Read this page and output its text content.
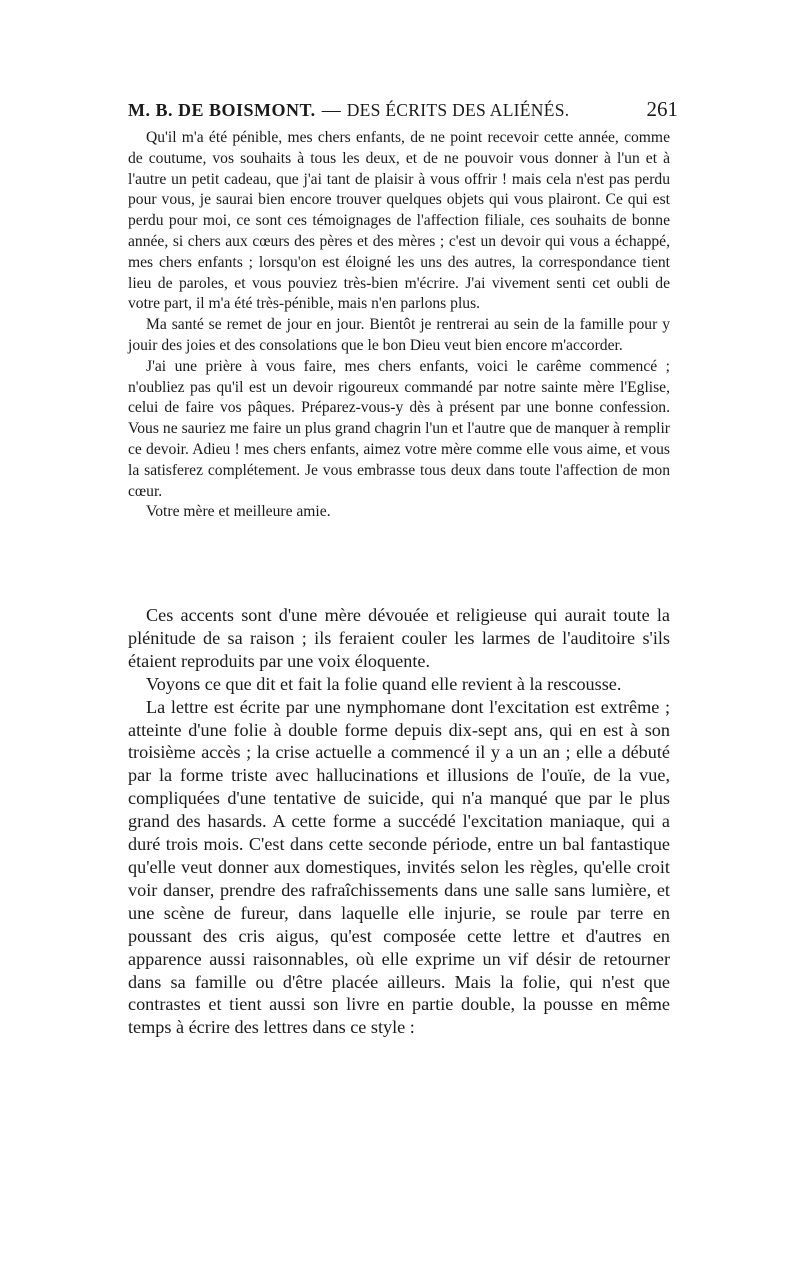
M. B. DE BOISMONT. — DES ÉCRITS DES ALIÉNÉS.	261

Qu'il m'a été pénible, mes chers enfants, de ne point recevoir cette année, comme de coutume, vos souhaits à tous les deux, et de ne pouvoir vous donner à l'un et à l'autre un petit cadeau, que j'ai tant de plaisir à vous offrir ! mais cela n'est pas perdu pour vous, je saurai bien encore trouver quelques objets qui vous plairont. Ce qui est perdu pour moi, ce sont ces témoignages de l'affection filiale, ces souhaits de bonne année, si chers aux cœurs des pères et des mères ; c'est un devoir qui vous a échappé, mes chers enfants ; lorsqu'on est éloigné les uns des autres, la correspondance tient lieu de paroles, et vous pouviez très-bien m'écrire. J'ai vivement senti cet oubli de votre part, il m'a été très-pénible, mais n'en parlons plus.

Ma santé se remet de jour en jour. Bientôt je rentrerai au sein de la famille pour y jouir des joies et des consolations que le bon Dieu veut bien encore m'accorder.

J'ai une prière à vous faire, mes chers enfants, voici le carême commencé ; n'oubliez pas qu'il est un devoir rigoureux commandé par notre sainte mère l'Eglise, celui de faire vos pâques. Préparez-vous-y dès à présent par une bonne confession. Vous ne sauriez me faire un plus grand chagrin l'un et l'autre que de manquer à remplir ce devoir. Adieu ! mes chers enfants, aimez votre mère comme elle vous aime, et vous la satisferez complétement. Je vous embrasse tous deux dans toute l'affection de mon cœur.

Votre mère et meilleure amie.

Ces accents sont d'une mère dévouée et religieuse qui aurait toute la plénitude de sa raison ; ils feraient couler les larmes de l'auditoire s'ils étaient reproduits par une voix éloquente.

Voyons ce que dit et fait la folie quand elle revient à la rescousse.

La lettre est écrite par une nymphomane dont l'excitation est extrême ; atteinte d'une folie à double forme depuis dix-sept ans, qui en est à son troisième accès ; la crise actuelle a commencé il y a un an ; elle a débuté par la forme triste avec hallucinations et illusions de l'ouïe, de la vue, compliquées d'une tentative de suicide, qui n'a manqué que par le plus grand des hasards. A cette forme a succédé l'excitation maniaque, qui a duré trois mois. C'est dans cette seconde période, entre un bal fantastique qu'elle veut donner aux domestiques, invités selon les règles, qu'elle croit voir danser, prendre des rafraîchissements dans une salle sans lumière, et une scène de fureur, dans laquelle elle injurie, se roule par terre en poussant des cris aigus, qu'est composée cette lettre et d'autres en apparence aussi raisonnables, où elle exprime un vif désir de retourner dans sa famille ou d'être placée ailleurs. Mais la folie, qui n'est que contrastes et tient aussi son livre en partie double, la pousse en même temps à écrire des lettres dans ce style :
